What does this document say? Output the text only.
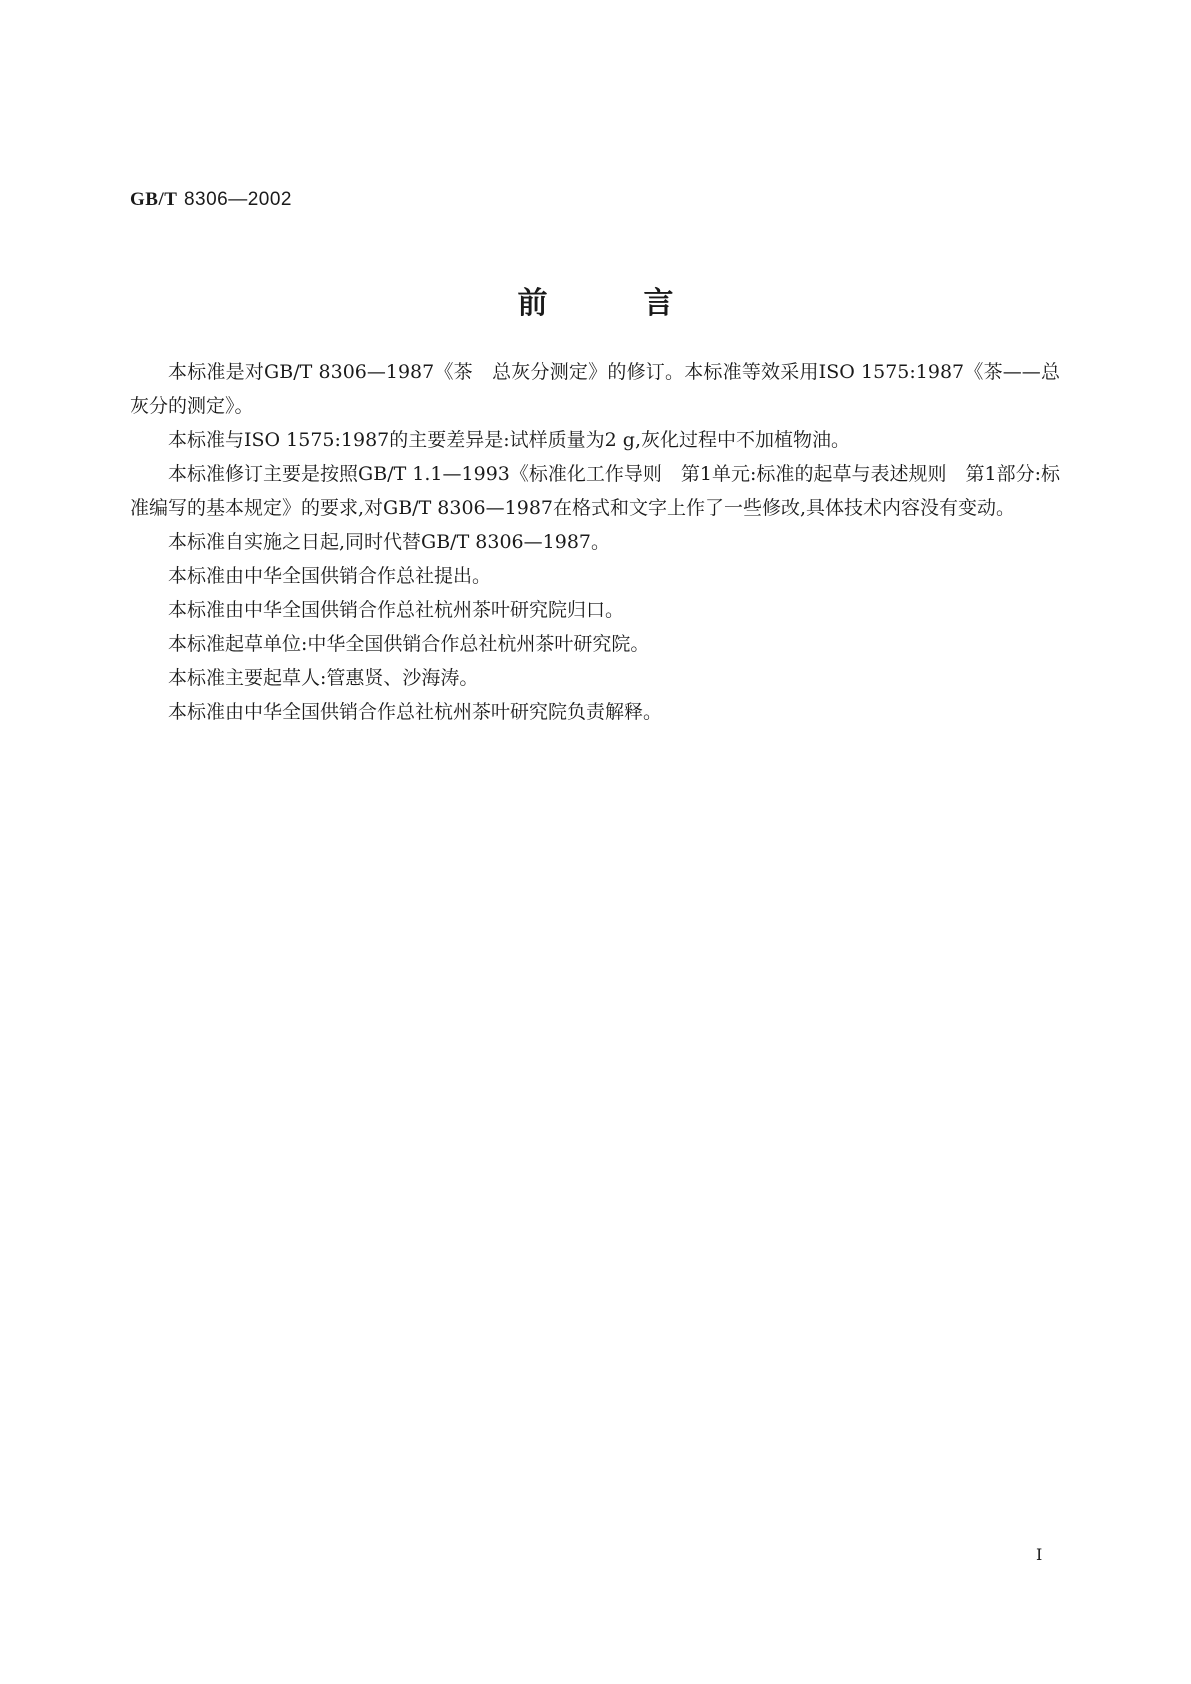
GB/T 8306—2002
前言

本标准是对GB/T 8306—1987《茶　总灰分测定》的修订。本标准等效采用ISO 1575:1987《茶——总灰分的测定》。

本标准与ISO 1575:1987的主要差异是:试样质量为2 g,灰化过程中不加植物油。

本标准修订主要是按照GB/T 1.1—1993《标准化工作导则　第1单元:标准的起草与表述规则　第1部分:标准编写的基本规定》的要求,对GB/T 8306—1987在格式和文字上作了一些修改,具体技术内容没有变动。

本标准自实施之日起,同时代替GB/T 8306—1987。

本标准由中华全国供销合作总社提出。

本标准由中华全国供销合作总社杭州茶叶研究院归口。

本标准起草单位:中华全国供销合作总社杭州茶叶研究院。

本标准主要起草人:管惠贤、沙海涛。

本标准由中华全国供销合作总社杭州茶叶研究院负责解释。

I
